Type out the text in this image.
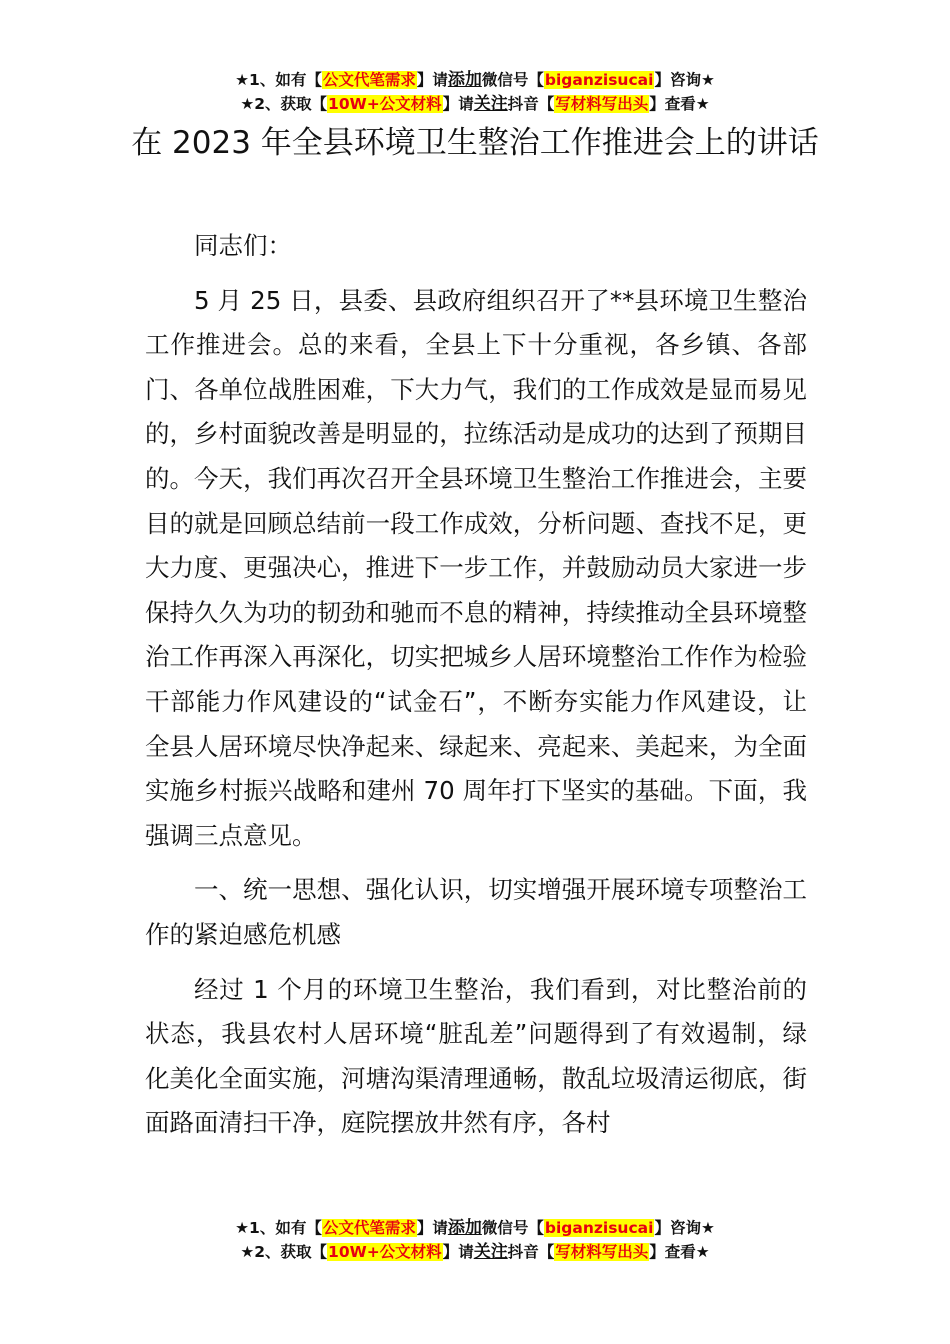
★1、如有【公文代笔需求】请添加微信号【biganzisucai】咨询★
★2、获取【10W+公文材料】请关注抖音【写材料写出头】查看★
在 2023 年全县环境卫生整治工作推进会上的讲话

同志们：

5 月 25 日，县委、县政府组织召开了**县环境卫生整治工作推进会。总的来看，全县上下十分重视，各乡镇、各部门、各单位战胜困难，下大力气，我们的工作成效是显而易见的，乡村面貌改善是明显的，拉练活动是成功的达到了预期目的。今天，我们再次召开全县环境卫生整治工作推进会，主要目的就是回顾总结前一段工作成效，分析问题、查找不足，更大力度、更强决心，推进下一步工作，并鼓励动员大家进一步保持久久为功的韧劲和驰而不息的精神，持续推动全县环境整治工作再深入再深化，切实把城乡人居环境整治工作作为检验干部能力作风建设的“试金石”，不断夯实能力作风建设，让全县人居环境尽快净起来、绿起来、亮起来、美起来，为全面实施乡村振兴战略和建州 70 周年打下坚实的基础。下面，我强调三点意见。

一、统一思想、强化认识，切实增强开展环境专项整治工作的紧迫感危机感

经过 1 个月的环境卫生整治，我们看到，对比整治前的状态，我县农村人居环境“脏乱差”问题得到了有效遏制，绿化美化全面实施，河塘沟渠清理通畅，散乱垃圾清运彻底，街面路面清扫干净，庭院摆放井然有序，各村

★1、如有【公文代笔需求】请添加微信号【biganzisucai】咨询★
★2、获取【10W+公文材料】请关注抖音【写材料写出头】查看★
